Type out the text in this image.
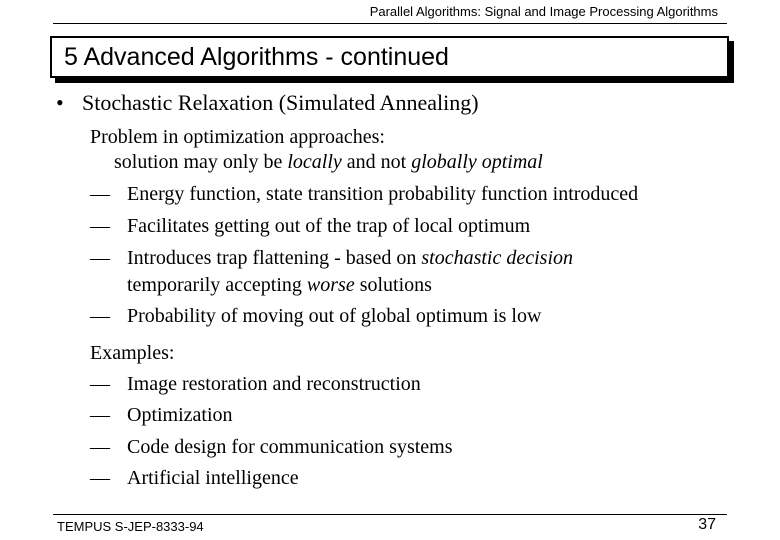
Parallel Algorithms: Signal and Image Processing Algorithms
5 Advanced Algorithms - continued
• Stochastic Relaxation (Simulated Annealing)
Problem in optimization approaches:
solution may only be locally and not globally optimal
— Energy function, state transition probability function introduced
— Facilitates getting out of the trap of local optimum
— Introduces trap flattening - based on stochastic decision
temporarily accepting worse solutions
— Probability of moving out of global optimum is low
Examples:
— Image restoration and reconstruction
— Optimization
— Code design for communication systems
— Artificial intelligence
TEMPUS S-JEP-8333-94	37
